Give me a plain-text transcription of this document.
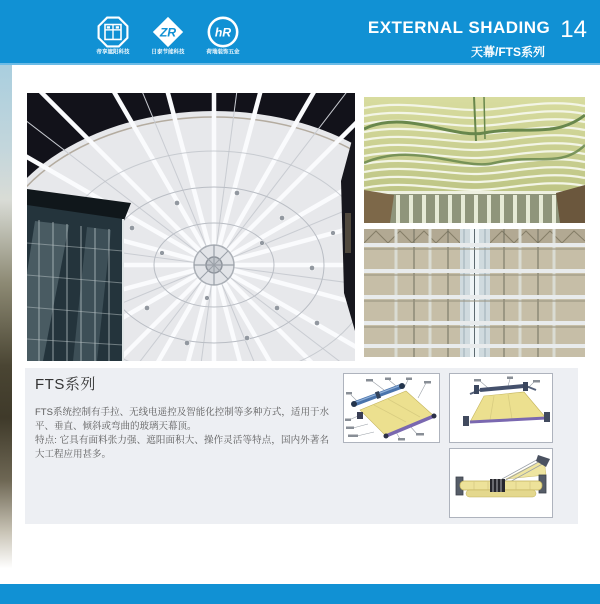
帝享遮阳科技
ZR
日泰节能科技
hR
荷瑞装饰五金
EXTERNAL SHADING 14
天幕/FTS系列
FTS系列

FTS系统控制有手拉、无线电遥控及智能化控制等多种方式，适用于水平、垂直、倾斜或弯曲的玻璃天幕顶。

特点: 它具有面料张力强、遮阳面积大、操作灵活等特点，国内外著名大工程应用甚多。
